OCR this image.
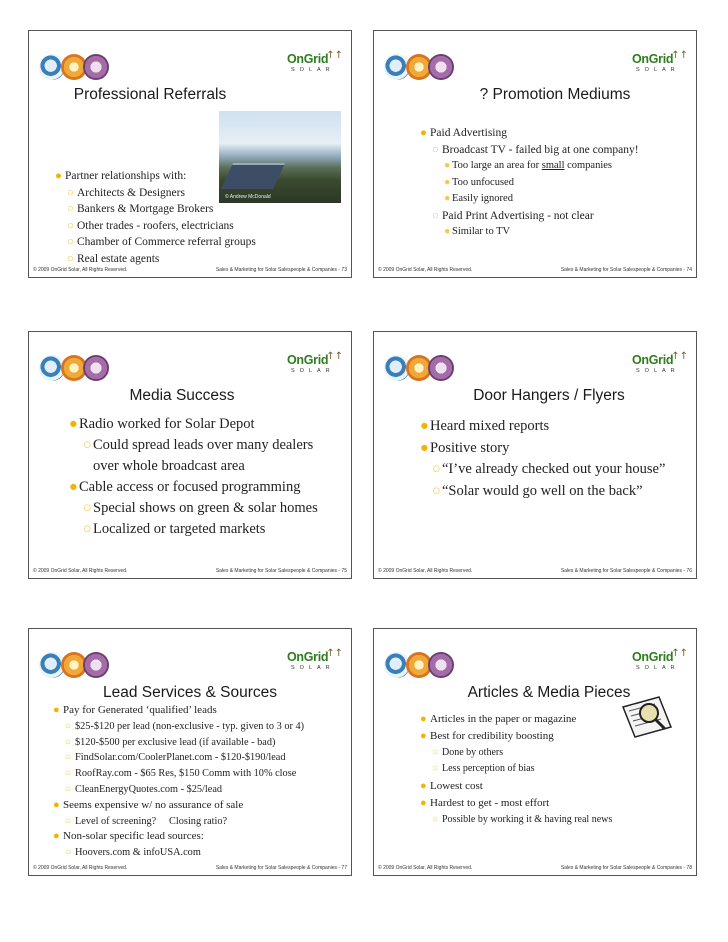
OnGrid
↑↑
SOLAR
Professional Referrals
© Andrew McDonald
● Partner relationships with:
○ Architects & Designers
○ Bankers & Mortgage Brokers
○ Other trades - roofers, electricians
○ Chamber of Commerce referral groups
○ Real estate agents
© 2009 OnGrid Solar, All Rights Reserved.	Sales & Marketing for Solar Salespeople & Companies - 73
OnGrid
↑↑
SOLAR
? Promotion Mediums
● Paid Advertising
○ Broadcast TV - failed big at one company!
● Too large an area for small companies
● Too unfocused
● Easily ignored
○ Paid Print Advertising - not clear
● Similar to TV
© 2009 OnGrid Solar, All Rights Reserved.	Sales & Marketing for Solar Salespeople & Companies - 74
OnGrid
↑↑
SOLAR
Media Success
● Radio worked for Solar Depot
○ Could spread leads over many dealers over whole broadcast area
● Cable access or focused programming
○ Special shows on green & solar homes
○ Localized or targeted markets
© 2009 OnGrid Solar, All Rights Reserved.	Sales & Marketing for Solar Salespeople & Companies - 75
OnGrid
↑↑
SOLAR
Door Hangers / Flyers
● Heard mixed reports
● Positive story
○ “I’ve already checked out your house”
○ “Solar would go well on the back”
© 2009 OnGrid Solar, All Rights Reserved.	Sales & Marketing for Solar Salespeople & Companies - 76
OnGrid
↑↑
SOLAR
Lead Services & Sources
● Pay for Generated ‘qualified’ leads
○ $25-$120 per lead (non-exclusive - typ. given to 3 or 4)
○ $120-$500 per exclusive lead (if available - bad)
○ FindSolar.com/CoolerPlanet.com - $120-$190/lead
○ RoofRay.com - $65 Res, $150 Comm with 10% close
○ CleanEnergyQuotes.com - $25/lead
● Seems expensive w/ no assurance of sale
○ Level of screening?     Closing ratio?
● Non-solar specific lead sources:
○ Hoovers.com & infoUSA.com
© 2009 OnGrid Solar, All Rights Reserved.	Sales & Marketing for Solar Salespeople & Companies - 77
OnGrid
↑↑
SOLAR
Articles & Media Pieces
● Articles in the paper or magazine
● Best for credibility boosting
○ Done by others
○ Less perception of bias
● Lowest cost
● Hardest to get - most effort
○ Possible by working it & having real news
© 2009 OnGrid Solar, All Rights Reserved.	Sales & Marketing for Solar Salespeople & Companies - 78
